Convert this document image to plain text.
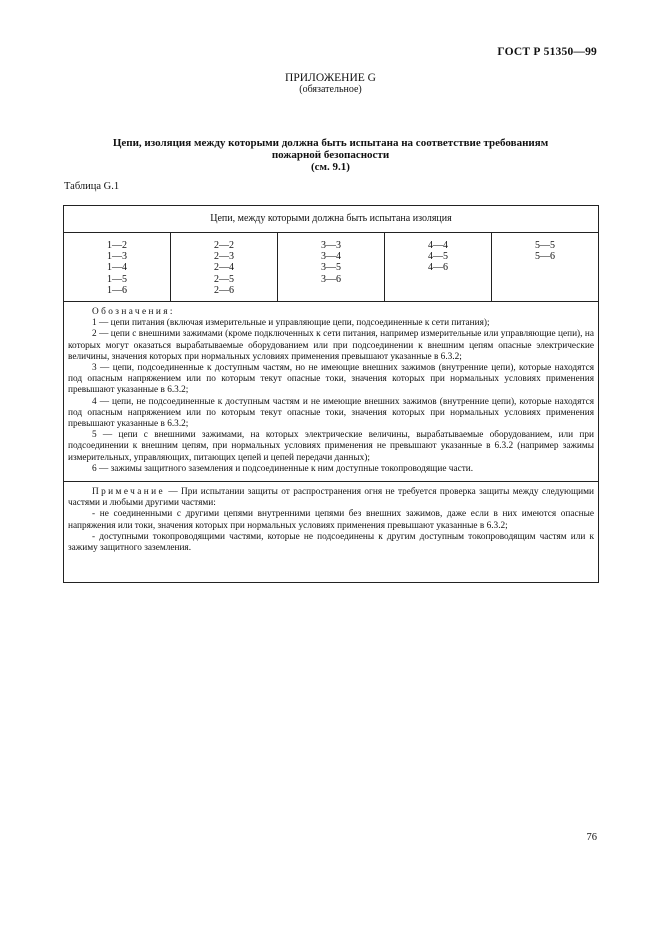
ГОСТ Р 51350—99
ПРИЛОЖЕНИЕ G
(обязательное)
Цепи, изоляция между которыми должна быть испытана на соответствие требованиям
пожарной безопасности
(см. 9.1)
Таблица G.1
Цепи, между которыми должна быть испытана изоляция
1—2
1—3
1—4
1—5
1—6
2—2
2—3
2—4
2—5
2—6
3—3
3—4
3—5
3—6
4—4
4—5
4—6
5—5
5—6

Обозначения:

1 — цепи питания (включая измерительные и управляющие цепи, подсоединенные к сети питания);

2 — цепи с внешними зажимами (кроме подключенных к сети питания, например измерительные или управляющие цепи), на которых могут оказаться вырабатываемые оборудованием или при подсоединении к внешним цепям опасные электрические величины, значения которых при нормальных условиях применения превышают указанные в 6.3.2;

3 — цепи, подсоединенные к доступным частям, но не имеющие внешних зажимов (внутренние цепи), которые находятся под опасным напряжением или по которым текут опасные токи, значения которых при нормальных условиях применения превышают указанные в 6.3.2;

4 — цепи, не подсоединенные к доступным частям и не имеющие внешних зажимов (внутренние цепи), которые находятся под опасным напряжением или по которым текут опасные токи, значения которых при нормальных условиях применения превышают указанные в 6.3.2;

5 — цепи с внешними зажимами, на которых электрические величины, вырабатываемые оборудованием, или при подсоединении к внешним цепям, при нормальных условиях применения не превышают указанные в 6.3.2 (например зажимы измерительных, управляющих, питающих цепей и цепей передачи данных);

6 — зажимы защитного заземления и подсоединенные к ним доступные токопроводящие части.

Примечание — При испытании защиты от распространения огня не требуется проверка защиты между следующими частями и любыми другими частями:

- не соединенными с другими цепями внутренними цепями без внешних зажимов, даже если в них имеются опасные напряжения или токи, значения которых при нормальных условиях применения превышают указанные в 6.3.2;

- доступными токопроводящими частями, которые не подсоединены к другим доступным токопроводящим частям или к зажиму защитного заземления.

76
